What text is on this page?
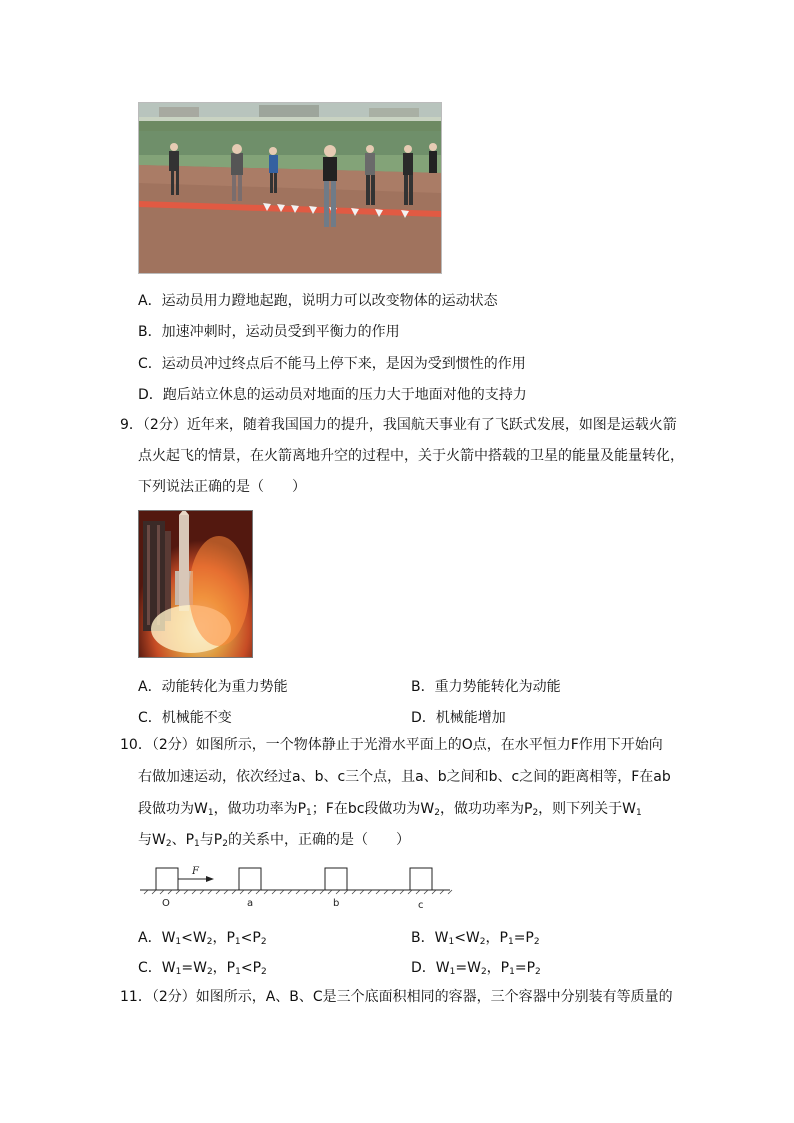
A．运动员用力蹬地起跑，说明力可以改变物体的运动状态
B．加速冲刺时，运动员受到平衡力的作用
C．运动员冲过终点后不能马上停下来，是因为受到惯性的作用
D．跑后站立休息的运动员对地面的压力大于地面对他的支持力
9．（2分）近年来，随着我国国力的提升，我国航天事业有了飞跃式发展，如图是运载火箭
点火起飞的情景，在火箭离地升空的过程中，关于火箭中搭载的卫星的能量及能量转化，
下列说法正确的是（　　）
A．动能转化为重力势能	B．重力势能转化为动能
C．机械能不变	D．机械能增加
10．（2分）如图所示，一个物体静止于光滑水平面上的O点，在水平恒力F作用下开始向
右做加速运动，依次经过a、b、c三个点，且a、b之间和b、c之间的距离相等，F在ab
段做功为$W_1$，做功功率为$P_1$；F在bc段做功为$W_2$，做功功率为$P_2$，则下列关于$W_1$
与$W_2$、$P_1$与$P_2$的关系中，正确的是（　　）
F
O	a	b	c
A．$W_1<W_2$，$P_1<P_2$	B．$W_1<W_2$，$P_1=P_2$
C．$W_1=W_2$，$P_1<P_2$	D．$W_1=W_2$，$P_1=P_2$
11．（2分）如图所示，A、B、C是三个底面积相同的容器，三个容器中分别装有等质量的
